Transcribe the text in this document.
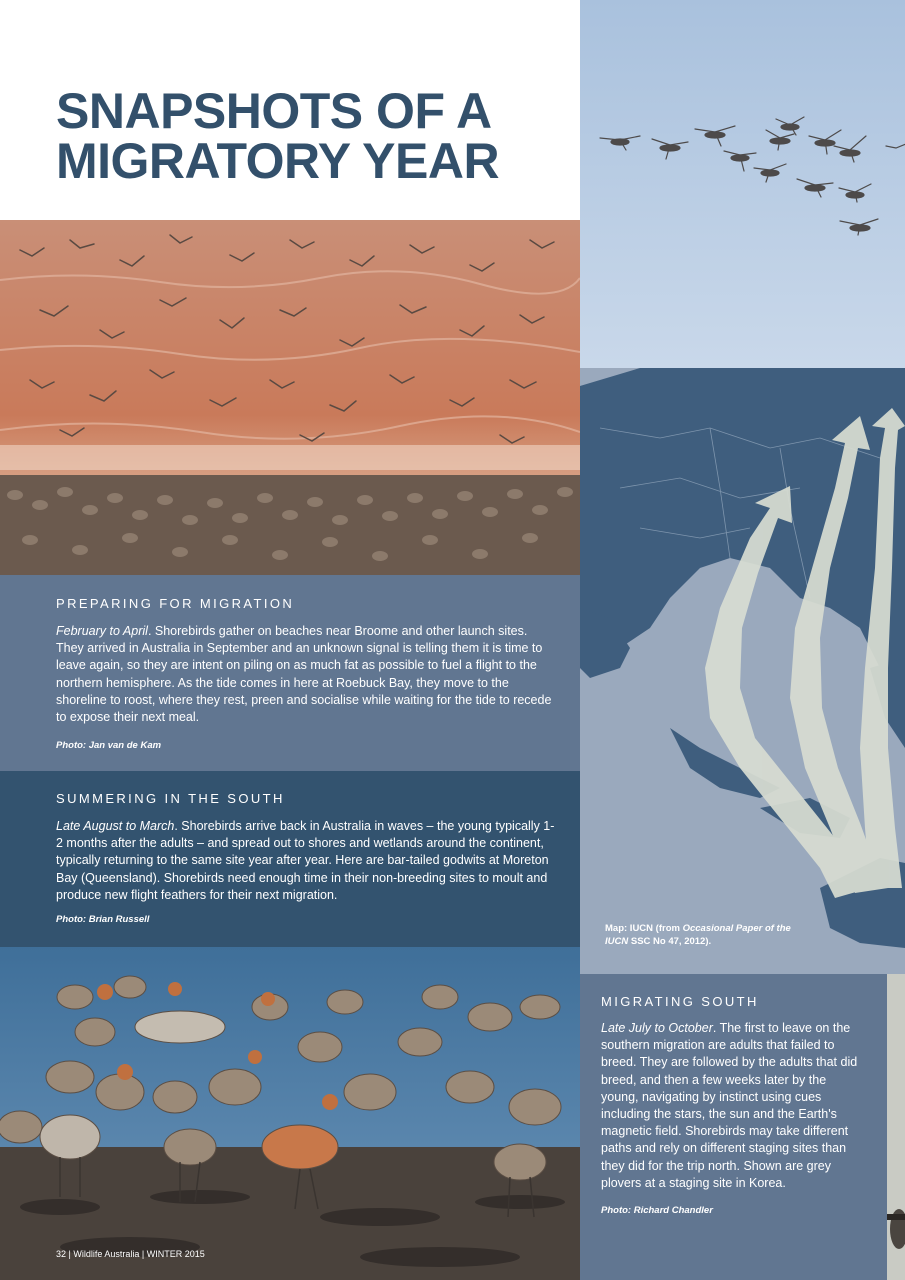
SNAPSHOTS OF A
MIGRATORY YEAR
PREPARING FOR MIGRATION

February to April. Shorebirds gather on beaches near Broome and other launch sites. They arrived in Australia in September and an unknown signal is telling them it is time to leave again, so they are intent on piling on as much fat as possible to fuel a flight to the northern hemisphere. As the tide comes in here at Roebuck Bay, they move to the shoreline to roost, where they rest, preen and socialise while waiting for the tide to recede to expose their next meal.

Photo: Jan van de Kam
SUMMERING IN THE SOUTH

Late August to March. Shorebirds arrive back in Australia in waves – the young typically 1-2 months after the adults – and spread out to shores and wetlands around the continent, typically returning to the same site year after year. Here are bar-tailed godwits at Moreton Bay (Queensland). Shorebirds need enough time in their non-breeding sites to moult and produce new flight feathers for their next migration.

Photo: Brian Russell
Map: IUCN (from Occasional Paper of the IUCN SSC No 47, 2012).
MIGRATING SOUTH

Late July to October. The first to leave on the southern migration are adults that failed to breed. They are followed by the adults that did breed, and then a few weeks later by the young, navigating by instinct using cues including the stars, the sun and the Earth's magnetic field. Shorebirds may take different paths and rely on different staging sites than they did for the trip north. Shown are grey plovers at a staging site in Korea.

Photo: Richard Chandler
32 | Wildlife Australia | WINTER 2015
